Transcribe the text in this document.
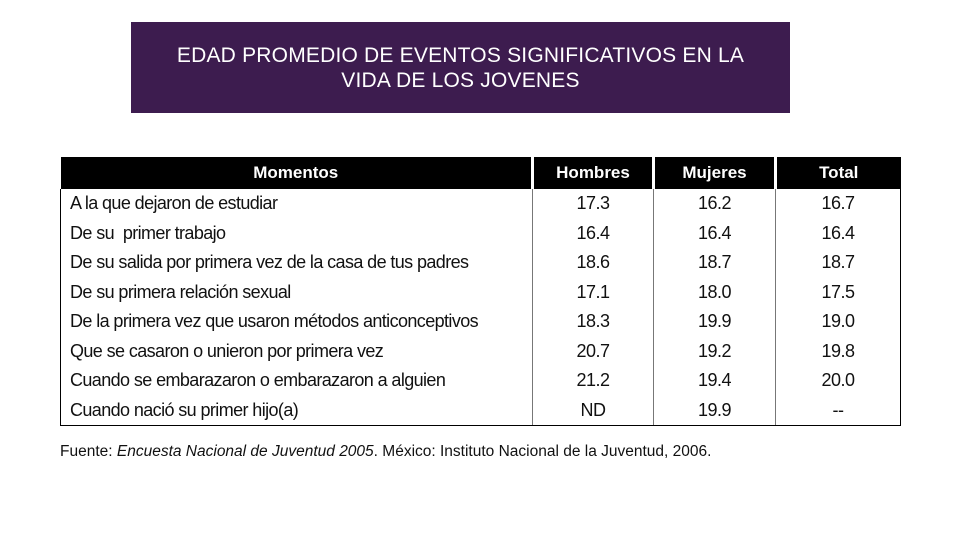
EDAD PROMEDIO DE EVENTOS SIGNIFICATIVOS EN LA
VIDA DE LOS JOVENES
Momentos	Hombres	Mujeres	Total
A la que dejaron de estudiar	17.3	16.2	16.7
De su  primer trabajo	16.4	16.4	16.4
De su salida por primera vez de la casa de tus padres	18.6	18.7	18.7
De su primera relación sexual	17.1	18.0	17.5
De la primera vez que usaron métodos anticonceptivos	18.3	19.9	19.0
Que se casaron o unieron por primera vez	20.7	19.2	19.8
Cuando se embarazaron o embarazaron a alguien	21.2	19.4	20.0
Cuando nació su primer hijo(a)	ND	19.9	--
Fuente: Encuesta Nacional de Juventud 2005. México: Instituto Nacional de la Juventud, 2006.
